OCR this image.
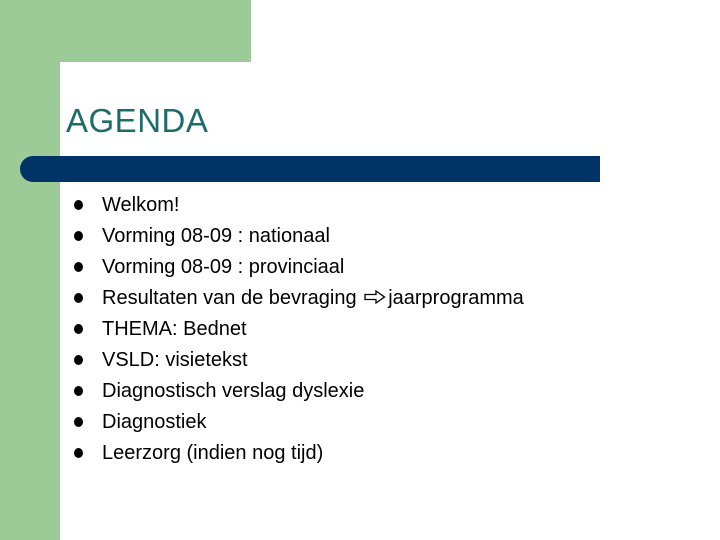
AGENDA
Welkom!
Vorming 08-09 : nationaal
Vorming 08-09 : provinciaal
Resultaten van de bevraging jaarprogramma
THEMA: Bednet
VSLD: visietekst
Diagnostisch verslag dyslexie
Diagnostiek
Leerzorg (indien nog tijd)
